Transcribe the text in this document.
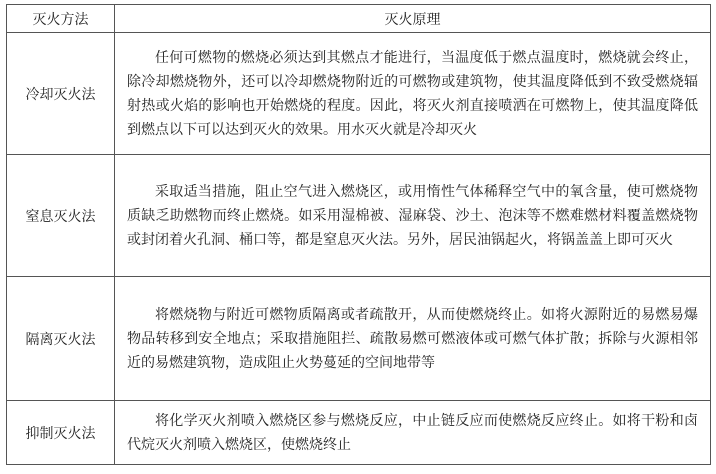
灭火方法	灭火原理
冷却灭火法	任何可燃物的燃烧必须达到其燃点才能进行，当温度低于燃点温度时，燃烧就会终止，除冷却燃烧物外，还可以冷却燃烧物附近的可燃物或建筑物，使其温度降低到不致受燃烧辐射热或火焰的影响也开始燃烧的程度。因此，将灭火剂直接喷洒在可燃物上，使其温度降低到燃点以下可以达到灭火的效果。用水灭火就是冷却灭火

窒息灭火法	采取适当措施，阻止空气进入燃烧区，或用惰性气体稀释空气中的氧含量，使可燃烧物质缺乏助燃物而终止燃烧。如采用湿棉被、湿麻袋、沙土、泡沫等不燃难燃材料覆盖燃烧物或封闭着火孔洞、桶口等，都是窒息灭火法。另外，居民油锅起火，将锅盖盖上即可灭火

隔离灭火法	将燃烧物与附近可燃物质隔离或者疏散开，从而使燃烧终止。如将火源附近的易燃易爆物品转移到安全地点；采取措施阻拦、疏散易燃可燃液体或可燃气体扩散；拆除与火源相邻近的易燃建筑物，造成阻止火势蔓延的空间地带等

抑制灭火法	将化学灭火剂喷入燃烧区参与燃烧反应，中止链反应而使燃烧反应终止。如将干粉和卤代烷灭火剂喷入燃烧区，使燃烧终止
